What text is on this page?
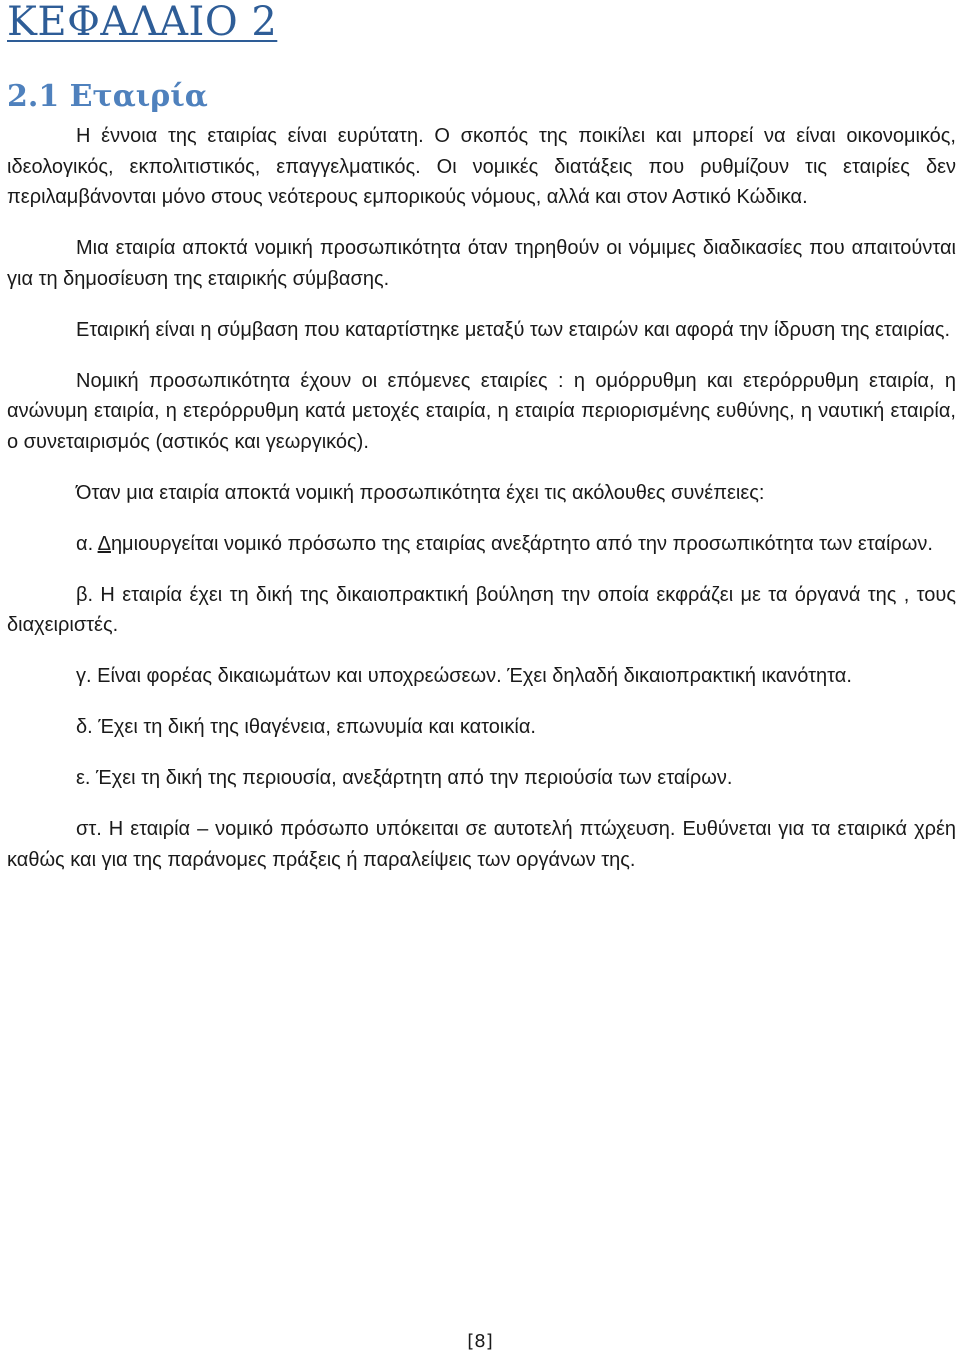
ΚΕΦΑΛΑΙΟ 2
2.1 Εταιρία

Η έννοια της εταιρίας είναι ευρύτατη. Ο σκοπός της ποικίλει και μπορεί να είναι οικονομικός, ιδεολογικός, εκπολιτιστικός, επαγγελματικός. Οι νομικές διατάξεις που ρυθμίζουν τις εταιρίες δεν περιλαμβάνονται μόνο στους νεότερους εμπορικούς νόμους, αλλά και στον Αστικό Κώδικα.

Μια εταιρία αποκτά νομική προσωπικότητα όταν τηρηθούν οι νόμιμες διαδικασίες που απαιτούνται για τη δημοσίευση της εταιρικής σύμβασης.

Εταιρική είναι η σύμβαση που καταρτίστηκε μεταξύ των εταιρών και αφορά την ίδρυση της εταιρίας.

Νομική προσωπικότητα έχουν οι επόμενες εταιρίες : η ομόρρυθμη και ετερόρρυθμη εταιρία, η ανώνυμη εταιρία, η ετερόρρυθμη κατά μετοχές εταιρία, η εταιρία περιορισμένης ευθύνης, η ναυτική εταιρία, ο συνεταιρισμός (αστικός και γεωργικός).

Όταν μια εταιρία αποκτά νομική προσωπικότητα έχει τις ακόλουθες συνέπειες:

α. Δημιουργείται νομικό πρόσωπο της εταιρίας ανεξάρτητο από την προσωπικότητα των εταίρων.

β. Η εταιρία έχει τη δική της δικαιοπρακτική βούληση την οποία εκφράζει με τα όργανά της , τους διαχειριστές.

γ. Είναι φορέας δικαιωμάτων και υποχρεώσεων. Έχει δηλαδή δικαιοπρακτική ικανότητα.

δ. Έχει τη δική της ιθαγένεια, επωνυμία και κατοικία.

ε. Έχει τη δική της περιουσία, ανεξάρτητη από την περιούσία των εταίρων.

στ. Η εταιρία – νομικό πρόσωπο υπόκειται σε αυτοτελή πτώχευση. Ευθύνεται για τα εταιρικά χρέη καθώς και για της παράνομες πράξεις ή παραλείψεις των οργάνων της.

[8]
